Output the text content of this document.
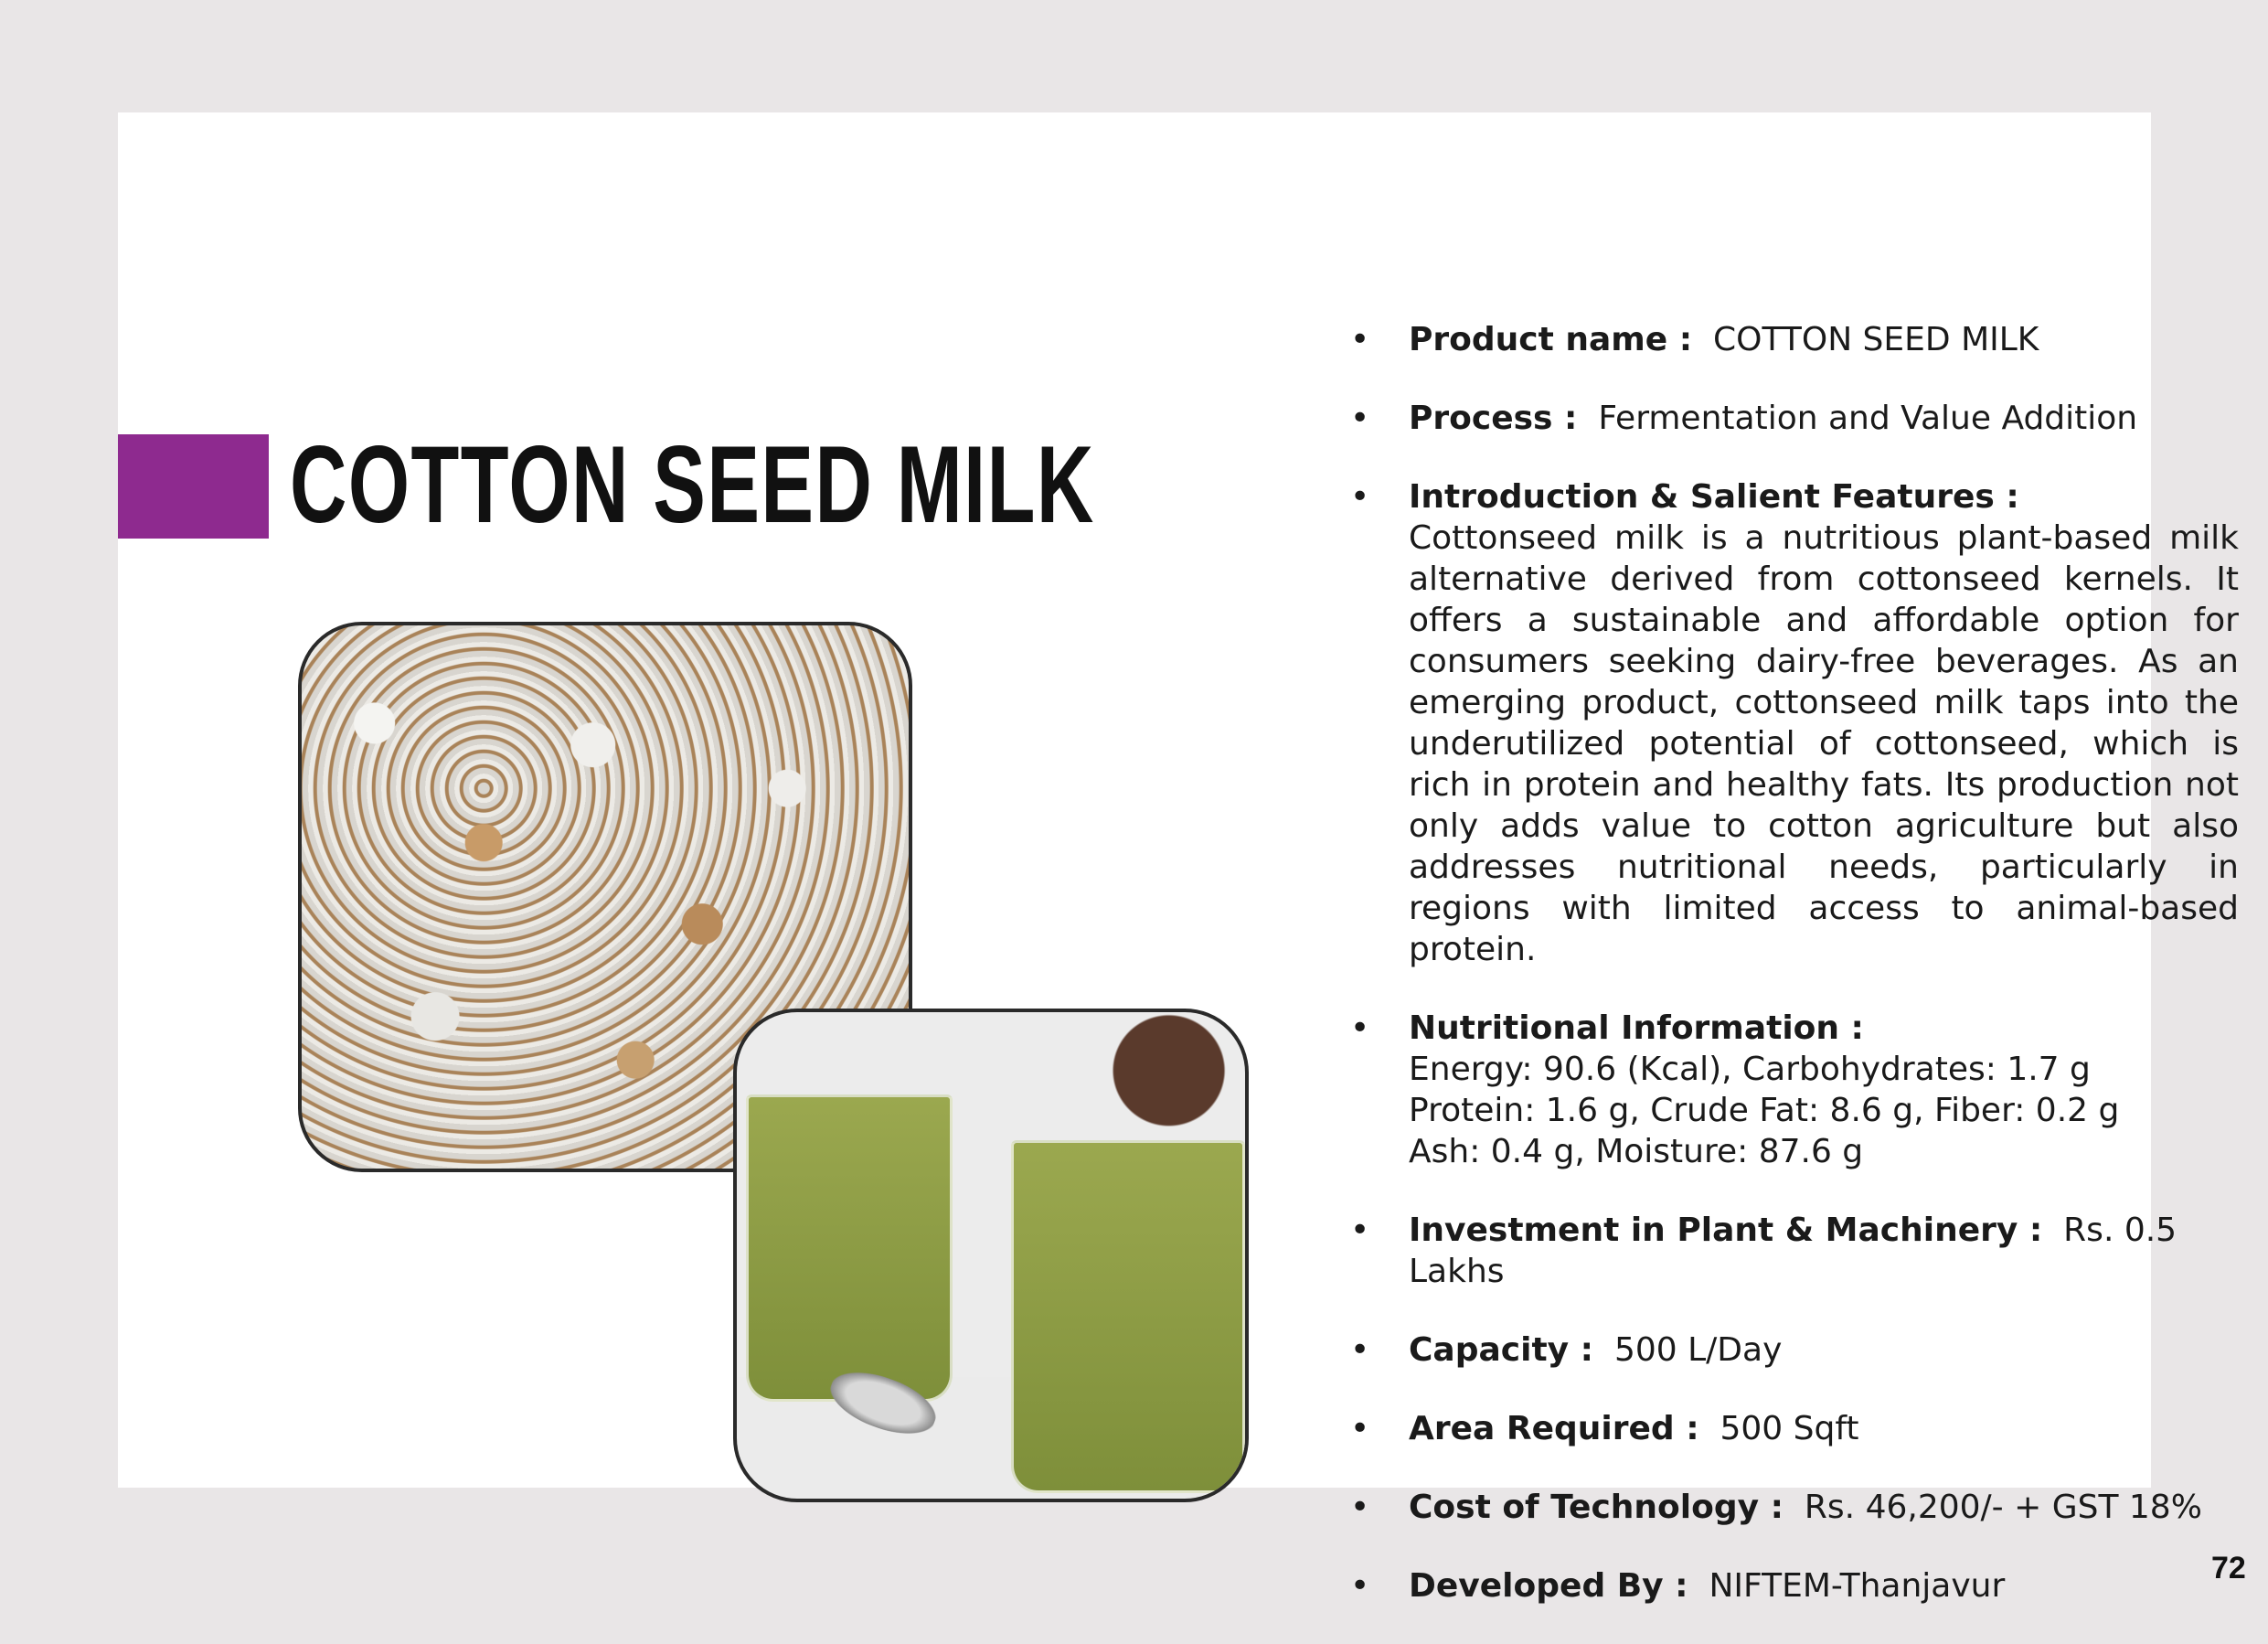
COTTON SEED MILK
• Product name : COTTON SEED MILK
• Process : Fermentation and Value Addition
• Introduction & Salient Features :
Cottonseed milk is a nutritious plant-based milk alternative derived from cottonseed kernels. It offers a sustainable and affordable option for consumers seeking dairy-free beverages. As an emerging product, cottonseed milk taps into the underutilized potential of cottonseed, which is rich in protein and healthy fats. Its production not only adds value to cotton agriculture but also addresses nutritional needs, particularly in regions with limited access to animal-based protein.
• Nutritional Information :
Energy: 90.6 (Kcal), Carbohydrates: 1.7 g
Protein: 1.6 g, Crude Fat: 8.6 g, Fiber: 0.2 g
Ash: 0.4 g, Moisture: 87.6 g
• Investment in Plant & Machinery : Rs. 0.5 Lakhs
• Capacity : 500 L/Day
• Area Required : 500 Sqft
• Cost of Technology : Rs. 46,200/- + GST 18%
• Developed By : NIFTEM-Thanjavur	72
